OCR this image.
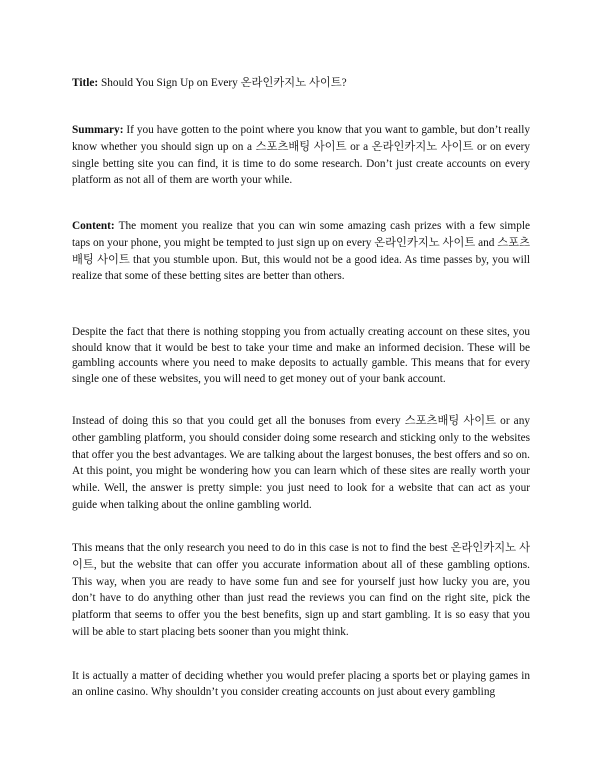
Title: Should You Sign Up on Every 온라인카지노 사이트?

Summary: If you have gotten to the point where you know that you want to gamble, but don’t really know whether you should sign up on a 스포츠배팅 사이트 or a 온라인카지노 사이트 or on every single betting site you can find, it is time to do some research. Don’t just create accounts on every platform as not all of them are worth your while.

Content: The moment you realize that you can win some amazing cash prizes with a few simple taps on your phone, you might be tempted to just sign up on every 온라인카지노 사이트 and 스포츠배팅 사이트 that you stumble upon. But, this would not be a good idea. As time passes by, you will realize that some of these betting sites are better than others.

Despite the fact that there is nothing stopping you from actually creating account on these sites, you should know that it would be best to take your time and make an informed decision. These will be gambling accounts where you need to make deposits to actually gamble. This means that for every single one of these websites, you will need to get money out of your bank account.

Instead of doing this so that you could get all the bonuses from every 스포츠배팅 사이트 or any other gambling platform, you should consider doing some research and sticking only to the websites that offer you the best advantages. We are talking about the largest bonuses, the best offers and so on. At this point, you might be wondering how you can learn which of these sites are really worth your while. Well, the answer is pretty simple: you just need to look for a website that can act as your guide when talking about the online gambling world.

This means that the only research you need to do in this case is not to find the best 온라인카지노 사이트, but the website that can offer you accurate information about all of these gambling options. This way, when you are ready to have some fun and see for yourself just how lucky you are, you don’t have to do anything other than just read the reviews you can find on the right site, pick the platform that seems to offer you the best benefits, sign up and start gambling. It is so easy that you will be able to start placing bets sooner than you might think.

It is actually a matter of deciding whether you would prefer placing a sports bet or playing games in an online casino. Why shouldn’t you consider creating accounts on just about every gambling
